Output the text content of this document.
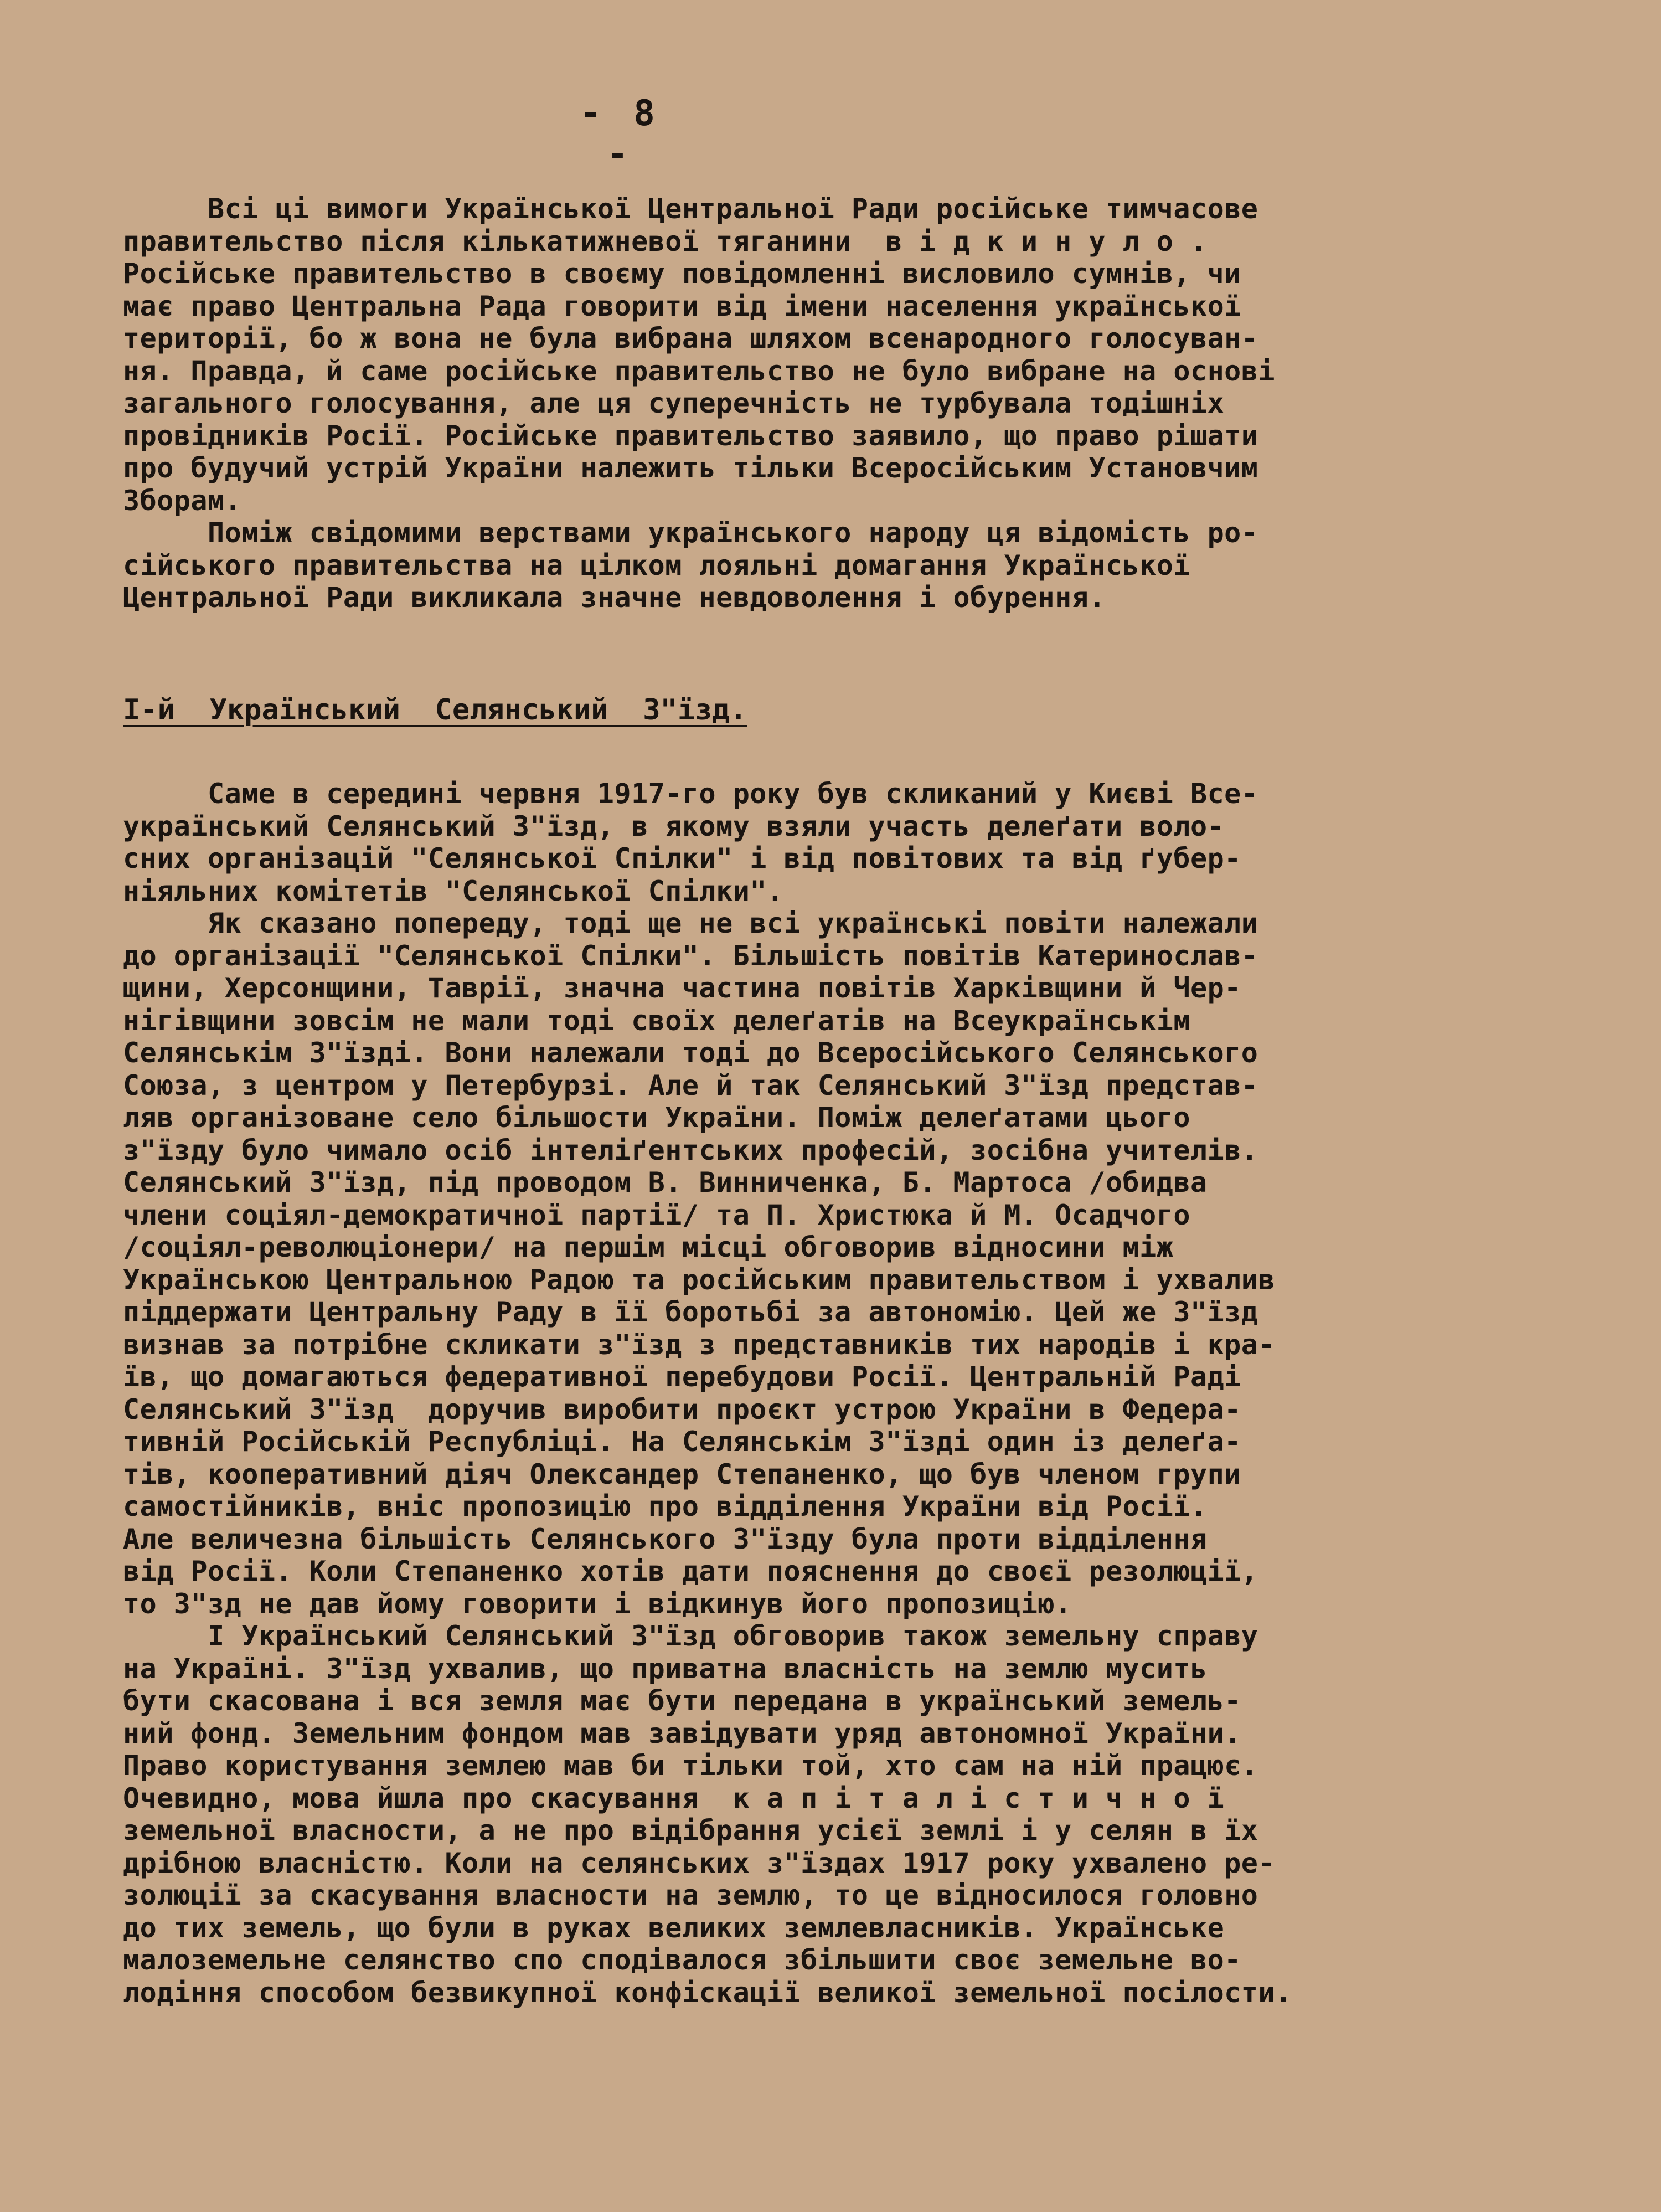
- 8 -
Всі ці вимоги Української Центральної Ради російське тимчасове
правительство після кількатижневої тяганини  в і д к и н у л о .
Російське правительство в своєму повідомленні висловило сумнів, чи
має право Центральна Рада говорити від імени населення української
території, бо ж вона не була вибрана шляхом всенародного голосуван-
ня. Правда, й саме російське правительство не було вибране на основі
загального голосування, але ця суперечність не турбувала тодішніх
провідників Росії. Російське правительство заявило, що право рішати
про будучий устрій України належить тільки Всеросійським Установчим
Зборам.
Поміж свідомими верствами українського народу ця відомість ро-
сійського правительства на цілком лояльні домагання Української
Центральної Ради викликала значне невдоволення і обурення.
I-й  Український  Селянський  З"їзд.
Саме в середині червня 1917-го року був скликаний у Києві Все-
український Селянський З"їзд, в якому взяли участь делеґати воло-
сних організацій "Селянської Спілки" і від повітових та від ґубер-
ніяльних комітетів "Селянської Спілки".
Як сказано попереду, тоді ще не всі українські повіти належали
до організації "Селянської Спілки". Більшість повітів Катеринослав-
щини, Херсонщини, Таврії, значна частина повітів Харківщини й Чер-
нігівщини зовсім не мали тоді своїх делеґатів на Всеукраїнськім
Селянськім З"їзді. Вони належали тоді до Всеросійського Селянського
Союза, з центром у Петербурзі. Але й так Селянський З"їзд представ-
ляв організоване село більшости України. Поміж делеґатами цього
з"їзду було чимало осіб інтеліґентських професій, зосібна учителів.
Селянський З"їзд, під проводом В. Винниченка, Б. Мартоса /обидва
члени соціял-демократичної партії/ та П. Христюка й М. Осадчого
/соціял-революціонери/ на першім місці обговорив відносини між
Українською Центральною Радою та російським правительством і ухвалив
піддержати Центральну Раду в її боротьбі за автономію. Цей же З"їзд
визнав за потрібне скликати з"їзд з представників тих народів і кра-
їв, що домагаються федеративної перебудови Росії. Центральній Раді
Селянський З"їзд  доручив виробити проєкт устрою України в Федера-
тивній Російській Республіці. На Селянськім З"їзді один із делеґа-
тів, кооперативний діяч Олександер Степаненко, що був членом групи
самостійників, вніс пропозицію про відділення України від Росії.
Але величезна більшість Селянського З"їзду була проти відділення
від Росії. Коли Степаненко хотів дати пояснення до своєї резолюції,
то З"зд не дав йому говорити і відкинув його пропозицію.
І Український Селянський З"їзд обговорив також земельну справу
на Україні. З"їзд ухвалив, що приватна власність на землю мусить
бути скасована і вся земля має бути передана в український земель-
ний фонд. Земельним фондом мав завідувати уряд автономної України.
Право користування землею мав би тільки той, хто сам на ній працює.
Очевидно, мова йшла про скасування  к а п і т а л і с т и ч н о ї
земельної власности, а не про відібрання усієї землі і у селян в їх
дрібною власністю. Коли на селянських з"їздах 1917 року ухвалено ре-
золюції за скасування власности на землю, то це відносилося головно
до тих земель, що були в руках великих землевласників. Українське
малоземельне селянство спо сподівалося збільшити своє земельне во-
лодіння способом безвикупної конфіскації великої земельної посілости.
